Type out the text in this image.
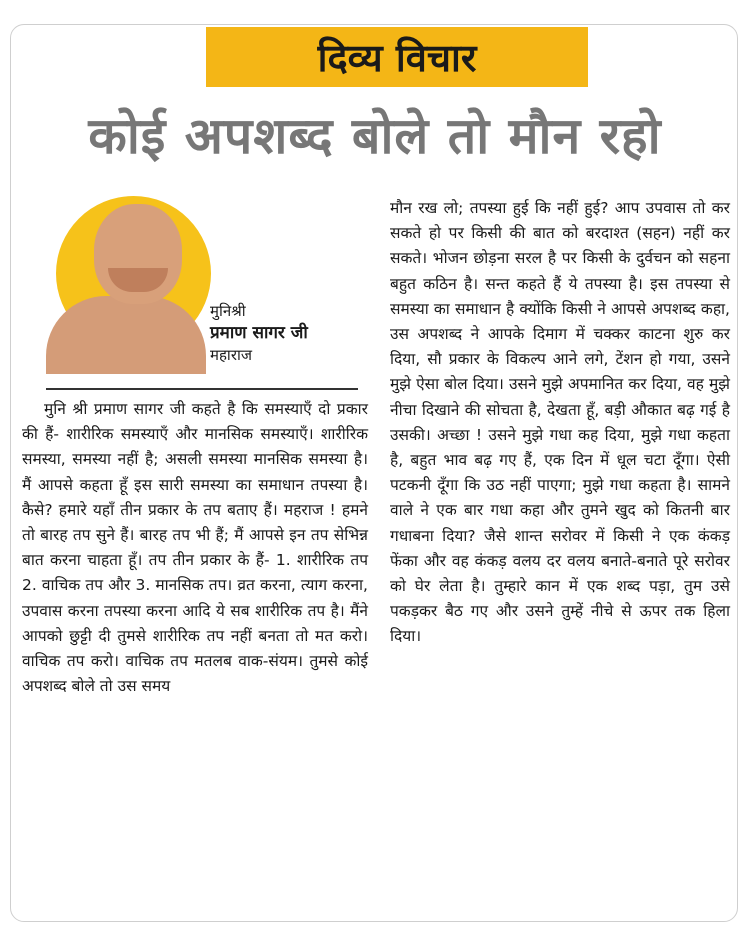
दिव्य विचार
कोई अपशब्द बोले तो मौन रहो
मुनिश्री
प्रमाण सागर जी
महाराज
मुनि श्री प्रमाण सागर जी कहते है कि समस्याएँ दो प्रकार की हैं- शारीरिक समस्याएँ और मानसिक समस्याएँ। शारीरिक समस्या, समस्या नहीं है; असली समस्या मानसिक समस्या है। मैं आपसे कहता हूँ इस सारी समस्या का समाधान तपस्या है। कैसे? हमारे यहाँ तीन प्रकार के तप बताए हैं। महराज ! हमने तो बारह तप सुने हैं। बारह तप भी हैं; मैं आपसे इन तप सेभिन्न बात करना चाहता हूँ। तप तीन प्रकार के हैं- 1. शारीरिक तप 2. वाचिक तप और 3. मानसिक तप। व्रत करना, त्याग करना, उपवास करना तपस्या करना आदि ये सब शारीरिक तप है। मैंने आपको छुट्टी दी तुमसे शारीरिक तप नहीं बनता तो मत करो। वाचिक तप करो। वाचिक तप मतलब वाक-संयम। तुमसे कोई अपशब्द बोले तो उस समय
मौन रख लो; तपस्या हुई कि नहीं हुई? आप उपवास तो कर सकते हो पर किसी की बात को बरदाश्त (सहन) नहीं कर सकते। भोजन छोड़ना सरल है पर किसी के दुर्वचन को सहना बहुत कठिन है। सन्त कहते हैं ये तपस्या है। इस तपस्या से समस्या का समाधान है क्योंकि किसी ने आपसे अपशब्द कहा, उस अपशब्द ने आपके दिमाग में चक्कर काटना शुरु कर दिया, सौ प्रकार के विकल्प आने लगे, टेंशन हो गया, उसने मुझे ऐसा बोल दिया। उसने मुझे अपमानित कर दिया, वह मुझे नीचा दिखाने की सोचता है, देखता हूँ, बड़ी औकात बढ़ गई है उसकी। अच्छा ! उसने मुझे गधा कह दिया, मुझे गधा कहता है, बहुत भाव बढ़ गए हैं, एक दिन में धूल चटा दूँगा। ऐसी पटकनी दूँगा कि उठ नहीं पाएगा; मुझे गधा कहता है। सामने वाले ने एक बार गधा कहा और तुमने खुद को कितनी बार गधाबना दिया? जैसे शान्त सरोवर में किसी ने एक कंकड़ फेंका और वह कंकड़ वलय दर वलय बनाते-बनाते पूरे सरोवर को घेर लेता है। तुम्हारे कान में एक शब्द पड़ा, तुम उसे पकड़कर बैठ गए और उसने तुम्हें नीचे से ऊपर तक हिला दिया।
